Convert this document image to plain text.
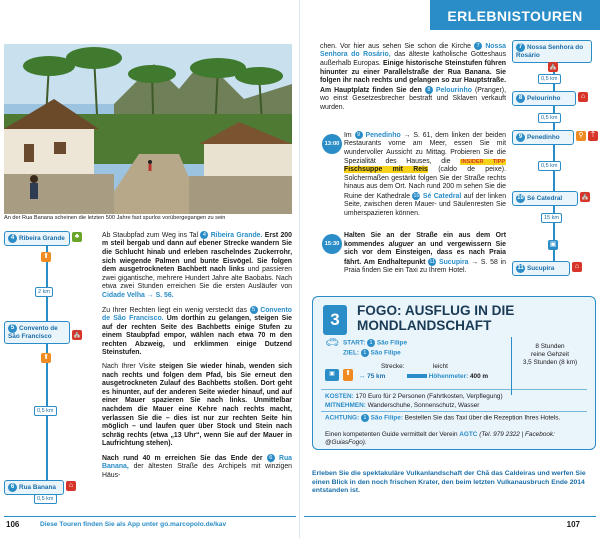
An der Rua Banana scheinen die letzten 500 Jahre fast spurlos vorübergegangen zu sein
4 Ribeira Grande	♣
⬆
2 km
5 Convento de São Francisco	⛪
⬆
0,5 km
6 Rua Banana	⌂
0,5 km

Ab Staubpfad zum Weg ins Tal 4 Ribeira Grande. Erst 200 m steil bergab und dann auf ebener Strecke wandern Sie die Schlucht hinab und erleben raschelndes Zuckerrohr, sich wiegende Palmen und bunte Eisvögel. Sie folgen dem ausgetrockneten Bachbett nach links und passieren zwei gigantische, mehrere Hundert Jahre alte Baobabs. Nach etwa zwei Stunden erreichen Sie die ersten Ausläufer von Cidade Velha → S. 56.

Zu Ihrer Rechten liegt ein wenig versteckt das 5 Convento de São Francisco. Um dorthin zu gelangen, steigen Sie auf der rechten Seite des Bachbetts einige Stufen zu einem Staubpfad empor, wählen nach etwa 70 m den rechten Abzweig, und erklimmen einige Dutzend Steinstufen.

Nach Ihrer Visite steigen Sie wieder hinab, wenden sich nach rechts und folgen dem Pfad, bis Sie erneut den ausgetrockneten Zulauf des Bachbetts stoßen. Dort geht es hinunter, auf der anderen Seite wieder hinauf, und auf einer Mauer spazieren Sie nach links. Unmittelbar nachdem die Mauer eine Kehre nach rechts macht, verlassen Sie die – dies ist nur zur rechten Seite hin möglich – und laufen quer über Stock und Stein nach schräg rechts (etwa „13 Uhr“, wenn Sie auf der Mauer in Laufrichtung stehen).

Nach rund 40 m erreichen Sie das Ende der 6 Rua Banana, der ältesten Straße des Archipels mit winzigen Häus-

106	Diese Touren finden Sie als App unter go.marcopolo.de/kav
ERLEBNISTOUREN

chen. Vor hier aus sehen Sie schon die Kirche 7 Nossa Senhora do Rosário, das älteste katholische Gotteshaus außerhalb Europas. Einige historische Steinstufen führen hinunter zu einer Parallelstraße der Rua Banana. Sie folgen ihr nach rechts und gelangen so zur Hauptstraße. Am Hauptplatz finden Sie den 8 Pelourinho (Pranger), wo einst Gesetzesbrecher bestraft und Sklaven verkauft wurden.

13:00

Im 9 Penedinho → S. 61, dem linken der beiden Restaurants vorne am Meer, essen Sie mit wundervoller Aussicht zu Mittag. Probieren Sie die Spezialität des Hauses, die INSIDER TIPP Fischsuppe mit Reis (caldo de peixe). Solchermaßen gestärkt folgen Sie der Straße rechts hinaus aus dem Ort. Nach rund 200 m sehen Sie die Ruine der Kathedrale 10 Sé Catedral auf der linken Seite, zwischen deren Mauer- und Säulenresten Sie umherspazieren können.

15:30

Halten Sie an der Straße ein aus dem Ort kommendes aluguer an und vergewissern Sie sich vor dem Einsteigen, dass es nach Praia fährt. Am Endhaltepunkt 11 Sucupira → S. 58 in Praia finden Sie ein Taxi zu Ihrem Hotel.

7 Nossa Senhora do Rosário
⛪
0,5 km
8 Pelourinho	⌂
0,5 km
9 Penedinho	⚲	⍑
0,5 km
10 Sé Catedral	⛪
15 km
▣
11 Sucupira	⌂
3	FOGO: AUSFLUG IN DIE MONDLANDSCHAFT
🚗︎ START: 1 São Filipe
ZIEL: 1 São Filipe
Strecke:	leicht
▣	⬆	↔ 75 km	Höhenmeter: 400 m
8 Stunden
reine Gehzeit
3,5 Stunden (8 km)
KOSTEN: 170 Euro für 2 Personen (Fahrtkosten, Verpflegung)
MITNEHMEN: Wanderschuhe, Sonnenschutz, Wasser
ACHTUNG: 1 São Filipe: Bestellen Sie das Taxi über die Rezeption Ihres Hotels.
Einen kompetenten Guide vermittelt der Verein AGTC (Tel. 979 2322 | Facebook: @GuiasFogo).
Erleben Sie die spektakuläre Vulkanlandschaft der Chã das Caldeiras und werfen Sie einen Blick in den noch frischen Krater, den beim letzten Vulkanausbruch Ende 2014 entstanden ist.
107
